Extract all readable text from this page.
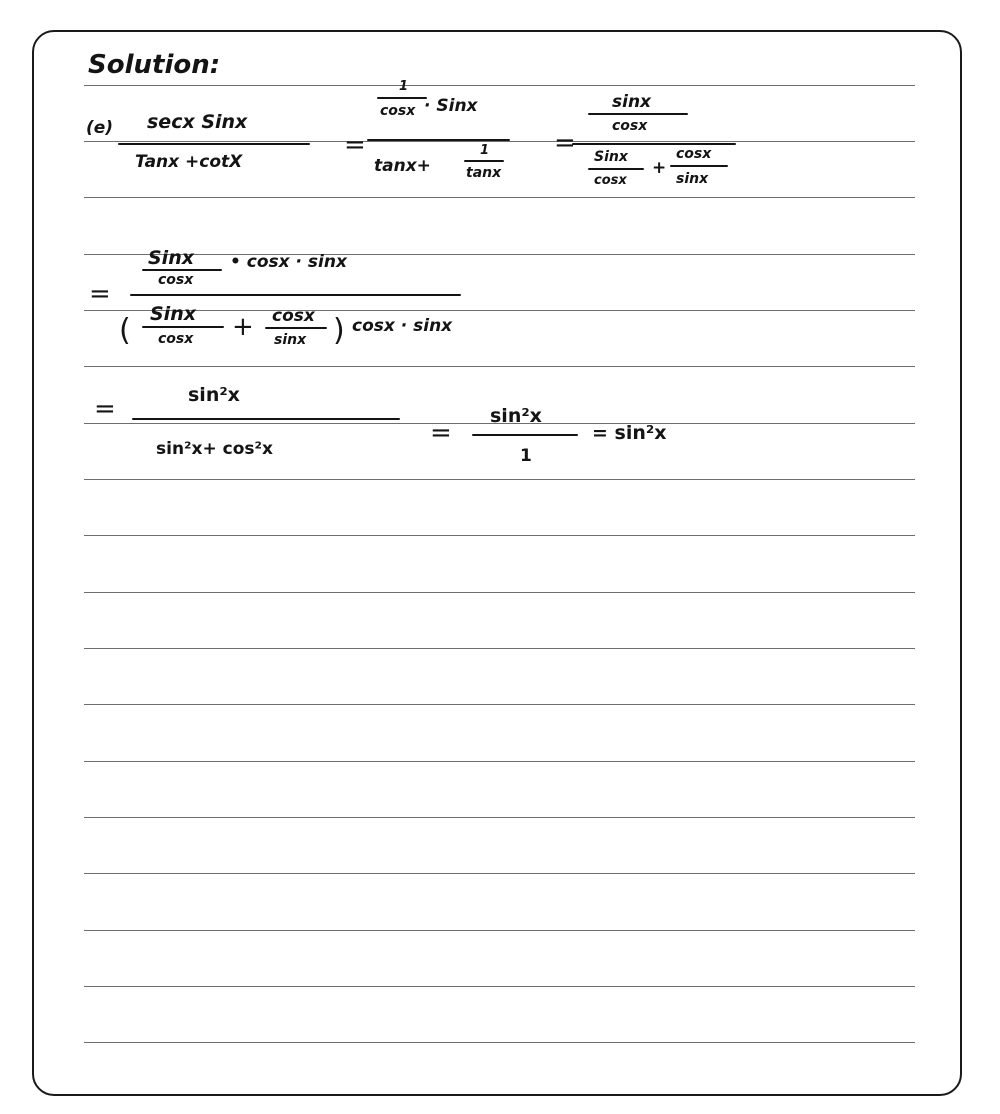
Solution:
(e) secx Sinx
Tanx +cotX
=
1
cosx · Sinx
tanx+
1
tanx
=
sinx
cosx
Sinx
cosx
+
cosx
sinx
=
Sinx
cosx
• cosx · sinx
( Sinx
cosx + cosx
sinx ) cosx · sinx
=	sin²x
sin²x+ cos²x
=
sin²x
1
= sin²x
